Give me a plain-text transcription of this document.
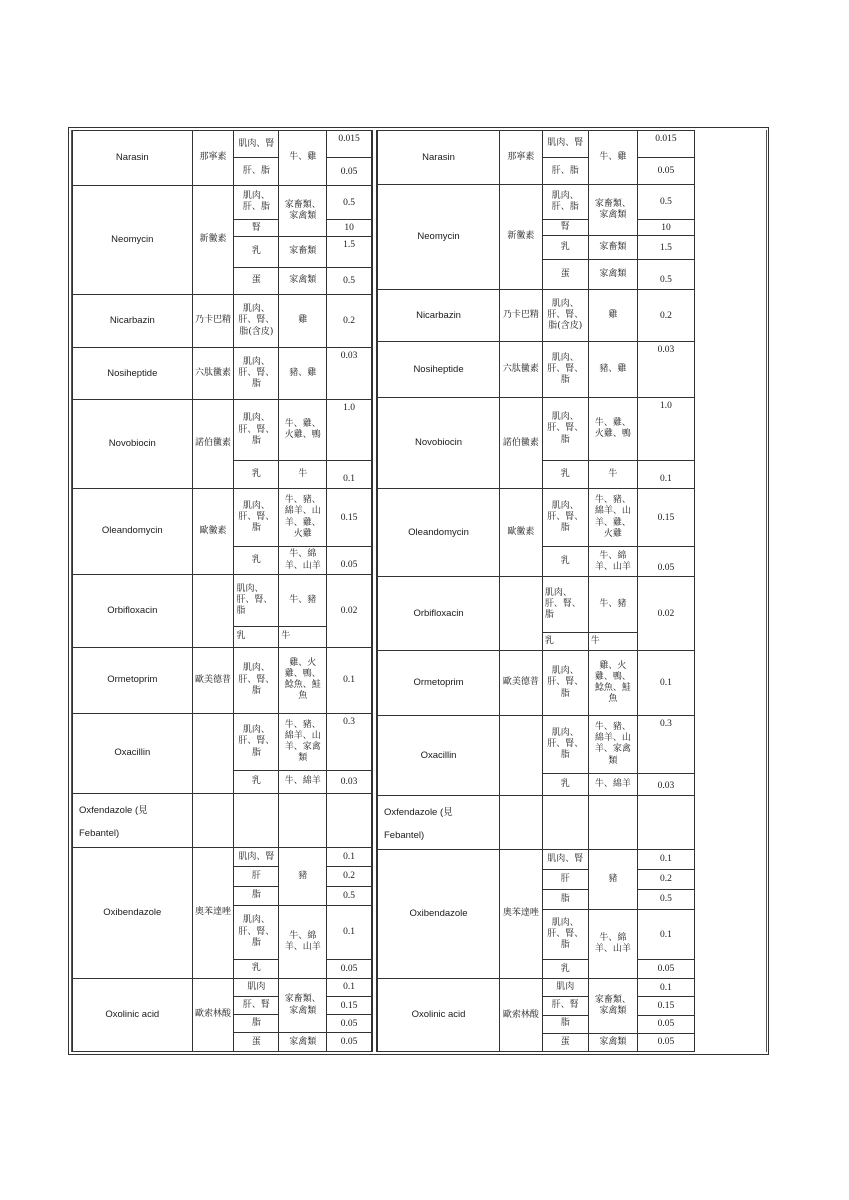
Narasin	那寧素	肌肉、腎	牛、雞	0.015
		肝、脂		0.05
Neomycin	新黴素	肌肉、肝、脂	家畜類、家禽類	0.5
		腎		10
		乳	家畜類	1.5
		蛋	家禽類	0.5
Nicarbazin	乃卡巴精	肌肉、肝、腎、脂(含皮)	雞	0.2
Nosiheptide	六肽黴素	肌肉、肝、腎、脂	豬、雞	0.03
Novobiocin	諾伯黴素	肌肉、肝、腎、脂	牛、雞、火雞、鴨	1.0
		乳	牛	0.1
Oleandomycin	歐黴素	肌肉、肝、腎、脂	牛、豬、綿羊、山羊、雞、火雞	0.15
		乳	牛、綿羊、山羊	0.05
Orbifloxacin		肌肉、肝、腎、脂	牛、豬	0.02
		乳	牛	
Ormetoprim	歐美德普	肌肉、肝、腎、脂	雞、火雞、鴨、鯰魚、鮭魚	0.1
Oxacillin		肌肉、肝、腎、脂	牛、豬、綿羊、山羊、家禽類	0.3
		乳	牛、綿羊	0.03
Oxfendazole (見
Febantel)				
Oxibendazole	奧苯達唑	肌肉、腎	豬	0.1
		肝		0.2
		脂		0.5
		肌肉、肝、腎、脂	牛、綿羊、山羊	0.1
		乳		0.05
Oxolinic acid	歐索林酸	肌肉	家畜類、家禽類	0.1
		肝、腎		0.15
		脂		0.05
		蛋	家禽類	0.05
Narasin	那寧素	肌肉、腎	牛、雞	0.015
		肝、脂		0.05
Neomycin	新黴素	肌肉、肝、脂	家畜類、家禽類	0.5
		腎		10
		乳	家畜類	1.5
		蛋	家禽類	0.5
Nicarbazin	乃卡巴精	肌肉、肝、腎、脂(含皮)	雞	0.2
Nosiheptide	六肽黴素	肌肉、肝、腎、脂	豬、雞	0.03
Novobiocin	諾伯黴素	肌肉、肝、腎、脂	牛、雞、火雞、鴨	1.0
		乳	牛	0.1
Oleandomycin	歐黴素	肌肉、肝、腎、脂	牛、豬、綿羊、山羊、雞、火雞	0.15
		乳	牛、綿羊、山羊	0.05
Orbifloxacin		肌肉、肝、腎、脂	牛、豬	0.02
		乳	牛	
Ormetoprim	歐美德普	肌肉、肝、腎、脂	雞、火雞、鴨、鯰魚、鮭魚	0.1
Oxacillin		肌肉、肝、腎、脂	牛、豬、綿羊、山羊、家禽類	0.3
		乳	牛、綿羊	0.03
Oxfendazole (見
Febantel)				
Oxibendazole	奧苯達唑	肌肉、腎	豬	0.1
		肝		0.2
		脂		0.5
		肌肉、肝、腎、脂	牛、綿羊、山羊	0.1
		乳		0.05
Oxolinic acid	歐索林酸	肌肉	家畜類、家禽類	0.1
		肝、腎		0.15
		脂		0.05
		蛋	家禽類	0.05
